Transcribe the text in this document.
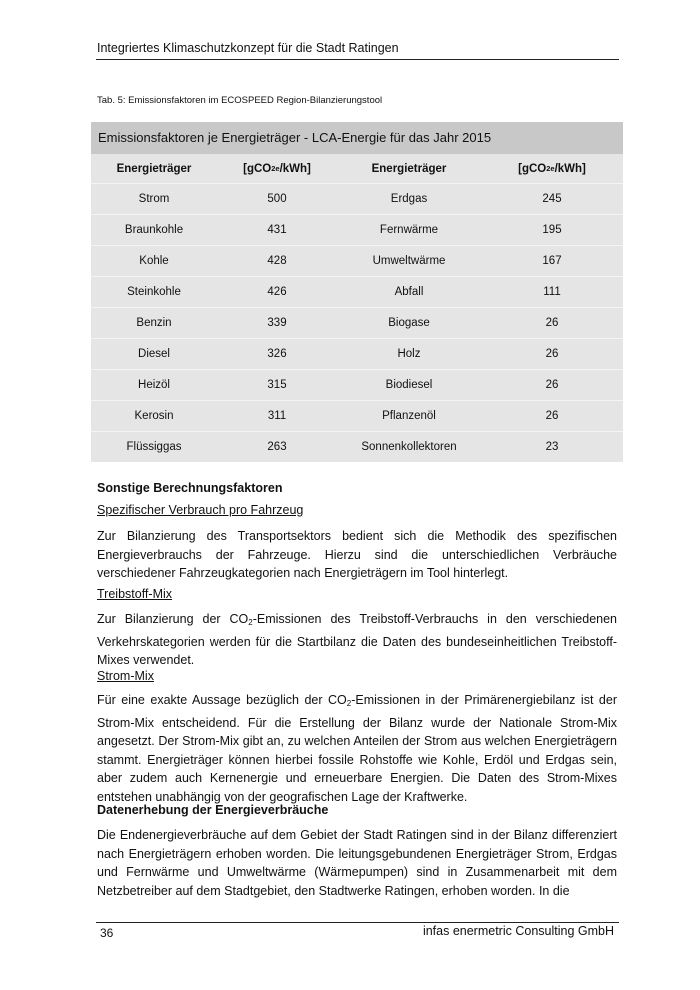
Integriertes Klimaschutzkonzept für die Stadt Ratingen
Tab. 5: Emissionsfaktoren im ECOSPEED Region-Bilanzierungstool
Emissionsfaktoren je Energieträger - LCA-Energie für das Jahr 2015
Energieträger	[gCO 2e /kWh]	Energieträger	[gCO 2e /kWh]
Strom	500	Erdgas	245
Braunkohle	431	Fernwärme	195
Kohle	428	Umweltwärme	167
Steinkohle	426	Abfall	111
Benzin	339	Biogase	26
Diesel	326	Holz	26
Heizöl	315	Biodiesel	26
Kerosin	311	Pflanzenöl	26
Flüssiggas	263	Sonnenkollektoren	23
Sonstige Berechnungsfaktoren
Spezifischer Verbrauch pro Fahrzeug
Zur Bilanzierung des Transportsektors bedient sich die Methodik des spezifischen Energieverbrauchs der Fahrzeuge. Hierzu sind die unterschiedlichen Verbräuche verschiedener Fahrzeugkategorien nach Energieträgern im Tool hinterlegt.
Treibstoff-Mix
Zur Bilanzierung der CO2-Emissionen des Treibstoff-Verbrauchs in den verschiedenen Verkehrskategorien werden für die Startbilanz die Daten des bundeseinheitlichen Treibstoff-Mixes verwendet.
Strom-Mix
Für eine exakte Aussage bezüglich der CO2-Emissionen in der Primärenergiebilanz ist der Strom-Mix entscheidend. Für die Erstellung der Bilanz wurde der Nationale Strom-Mix angesetzt. Der Strom-Mix gibt an, zu welchen Anteilen der Strom aus welchen Energieträgern stammt. Energieträger können hierbei fossile Rohstoffe wie Kohle, Erdöl und Erdgas sein, aber zudem auch Kernenergie und erneuerbare Energien. Die Daten des Strom-Mixes entstehen unabhängig von der geografischen Lage der Kraftwerke.
Datenerhebung der Energieverbräuche
Die Endenergieverbräuche auf dem Gebiet der Stadt Ratingen sind in der Bilanz differenziert nach Energieträgern erhoben worden. Die leitungsgebundenen Energieträger Strom, Erdgas und Fernwärme und Umweltwärme (Wärmepumpen) sind in Zusammenarbeit mit dem Netzbetreiber auf dem Stadtgebiet, den Stadtwerke Ratingen, erhoben worden. In die
36	infas enermetric Consulting GmbH
